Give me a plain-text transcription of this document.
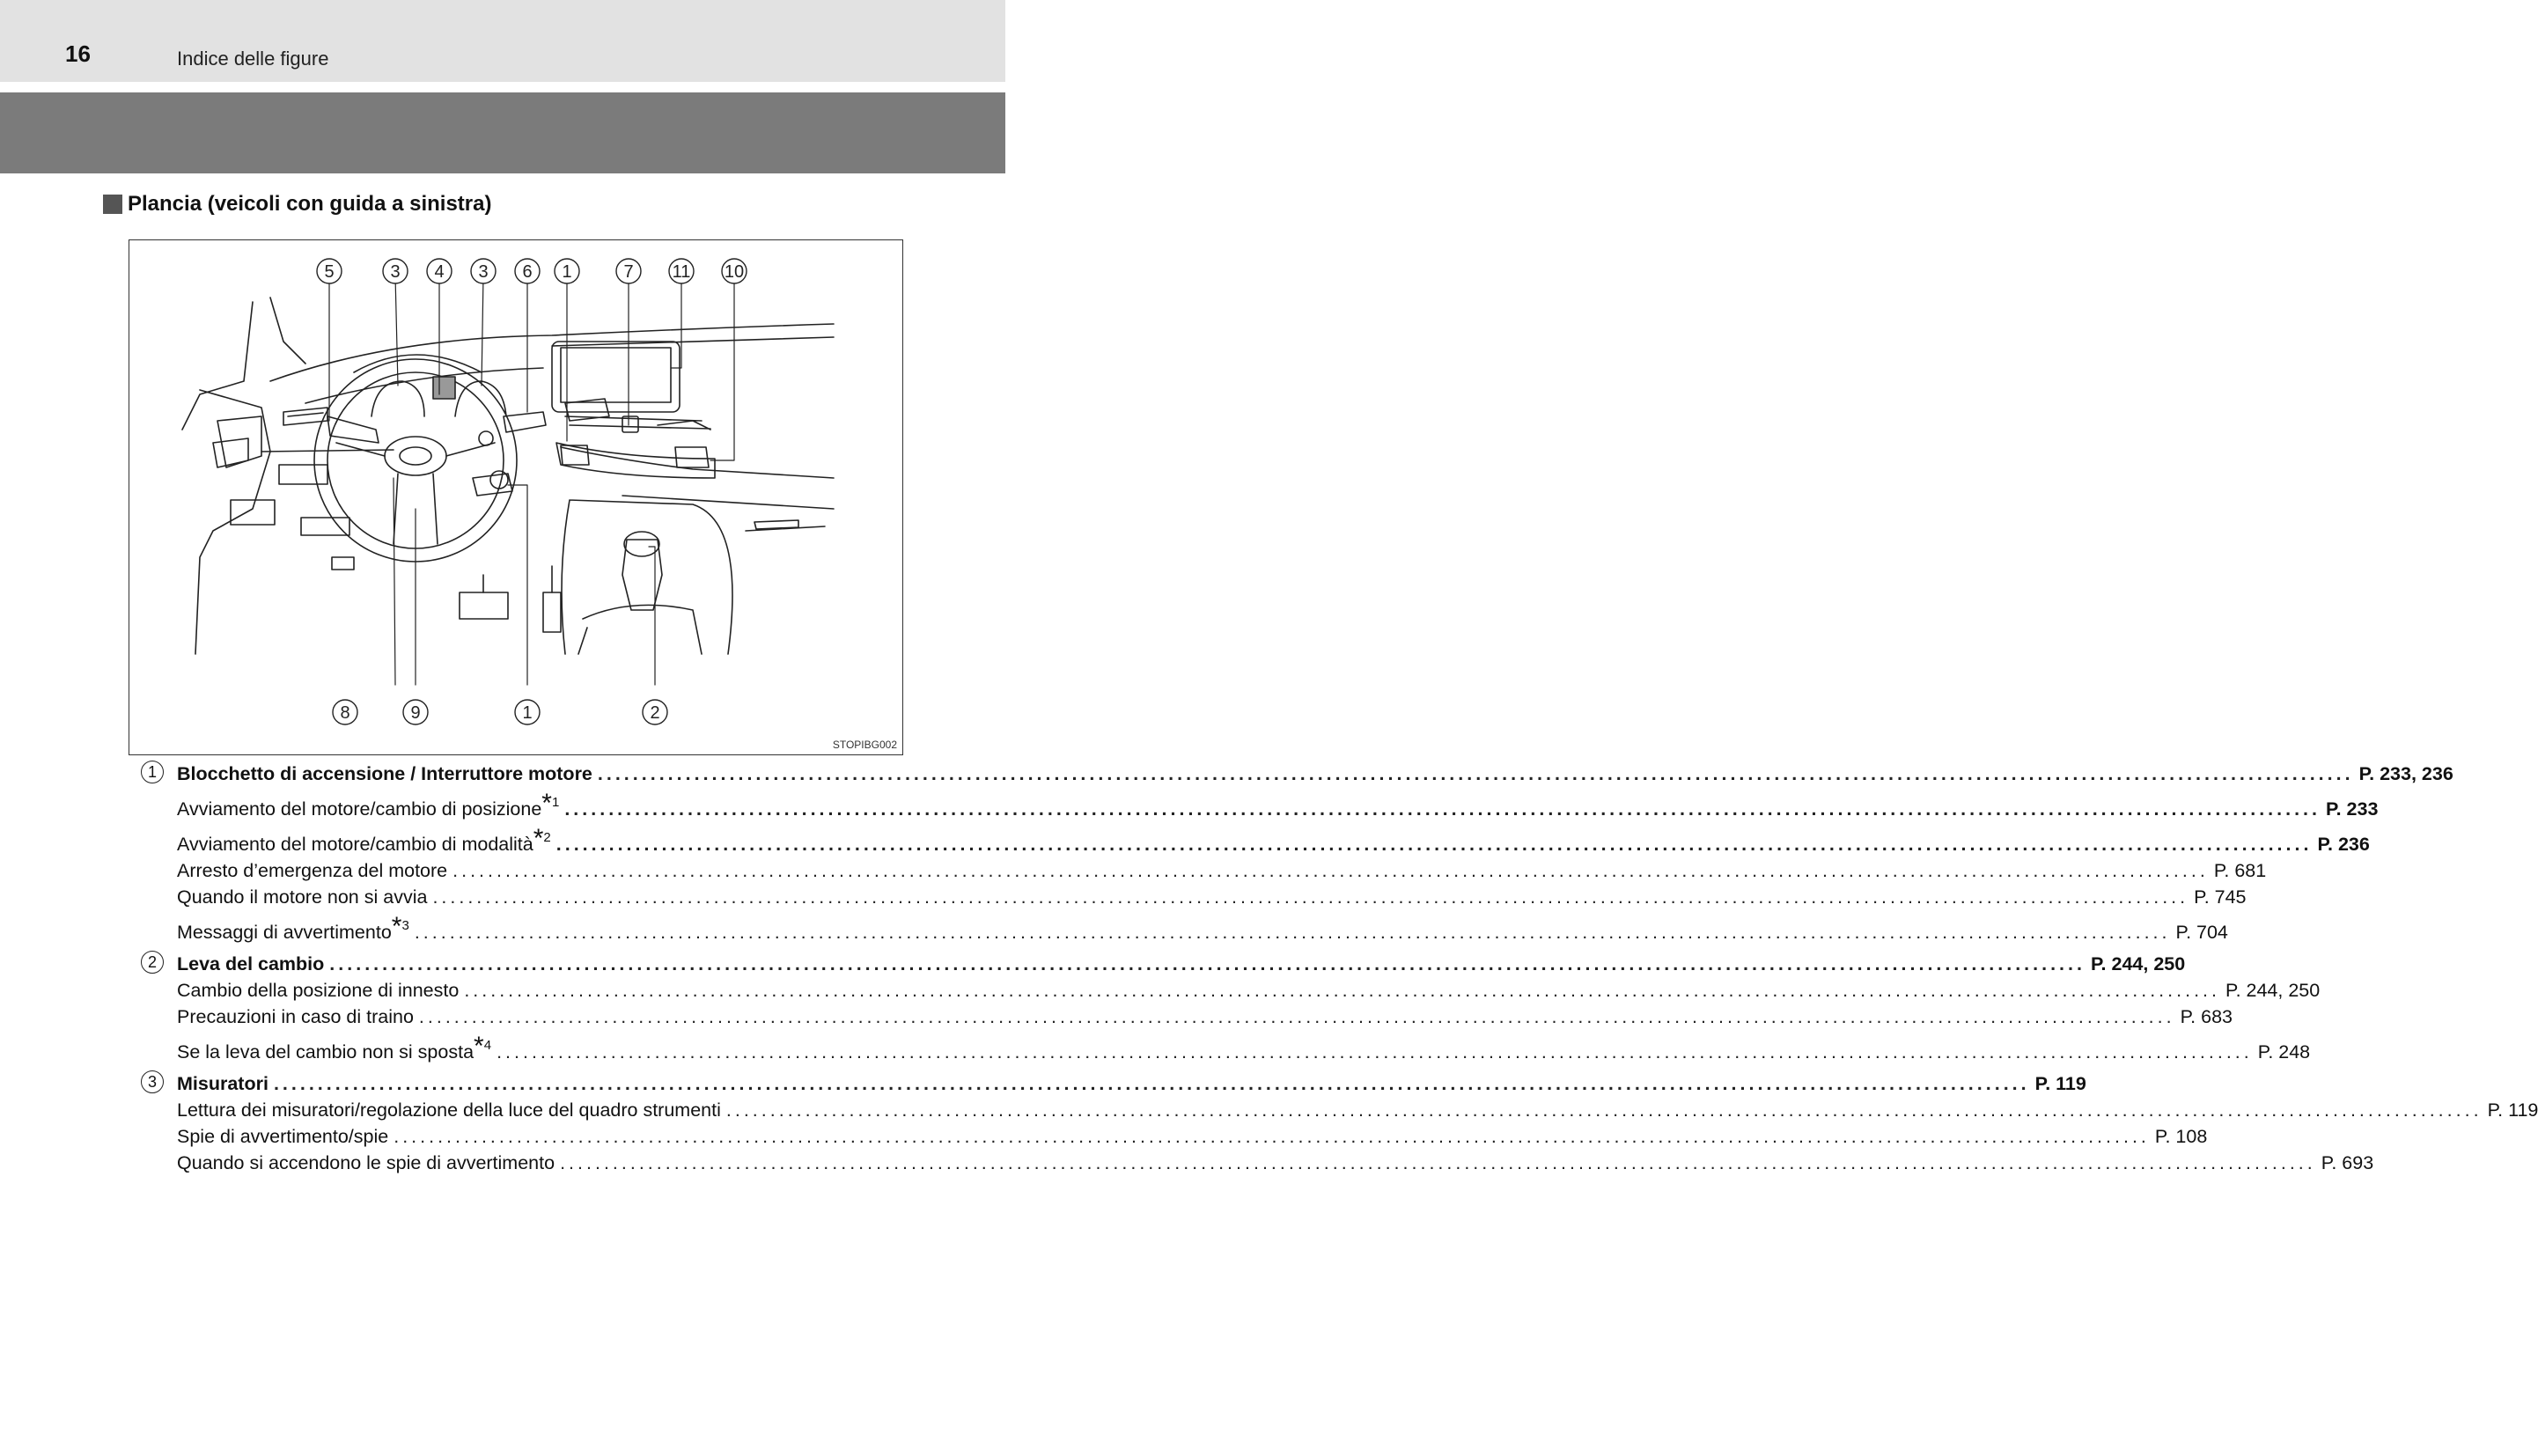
16	Indice delle figure
Plancia (veicoli con guida a sinistra)
5	3 4 3 6 1	7 11 10
8	9	1	2
STOPIBG002
1	Blocchetto di accensione / Interruttore motore ........................................................................................................................................................................................................ P. 233, 236
Avviamento del motore/cambio di posizione*$^1$ ........................................................................................................................................................................................................ P. 233
Avviamento del motore/cambio di modalità*$^2$ ........................................................................................................................................................................................................ P. 236
Arresto d’emergenza del motore ........................................................................................................................................................................................................ P. 681
Quando il motore non si avvia ........................................................................................................................................................................................................ P. 745
Messaggi di avvertimento*$^3$ ........................................................................................................................................................................................................ P. 704
2	Leva del cambio ........................................................................................................................................................................................................ P. 244, 250
Cambio della posizione di innesto ........................................................................................................................................................................................................ P. 244, 250
Precauzioni in caso di traino ........................................................................................................................................................................................................ P. 683
Se la leva del cambio non si sposta*$^4$ ........................................................................................................................................................................................................ P. 248
3	Misuratori ........................................................................................................................................................................................................ P. 119
Lettura dei misuratori/regolazione della luce del quadro strumenti ........................................................................................................................................................................................................ P. 119
Spie di avvertimento/spie ........................................................................................................................................................................................................ P. 108
Quando si accendono le spie di avvertimento ........................................................................................................................................................................................................ P. 693
